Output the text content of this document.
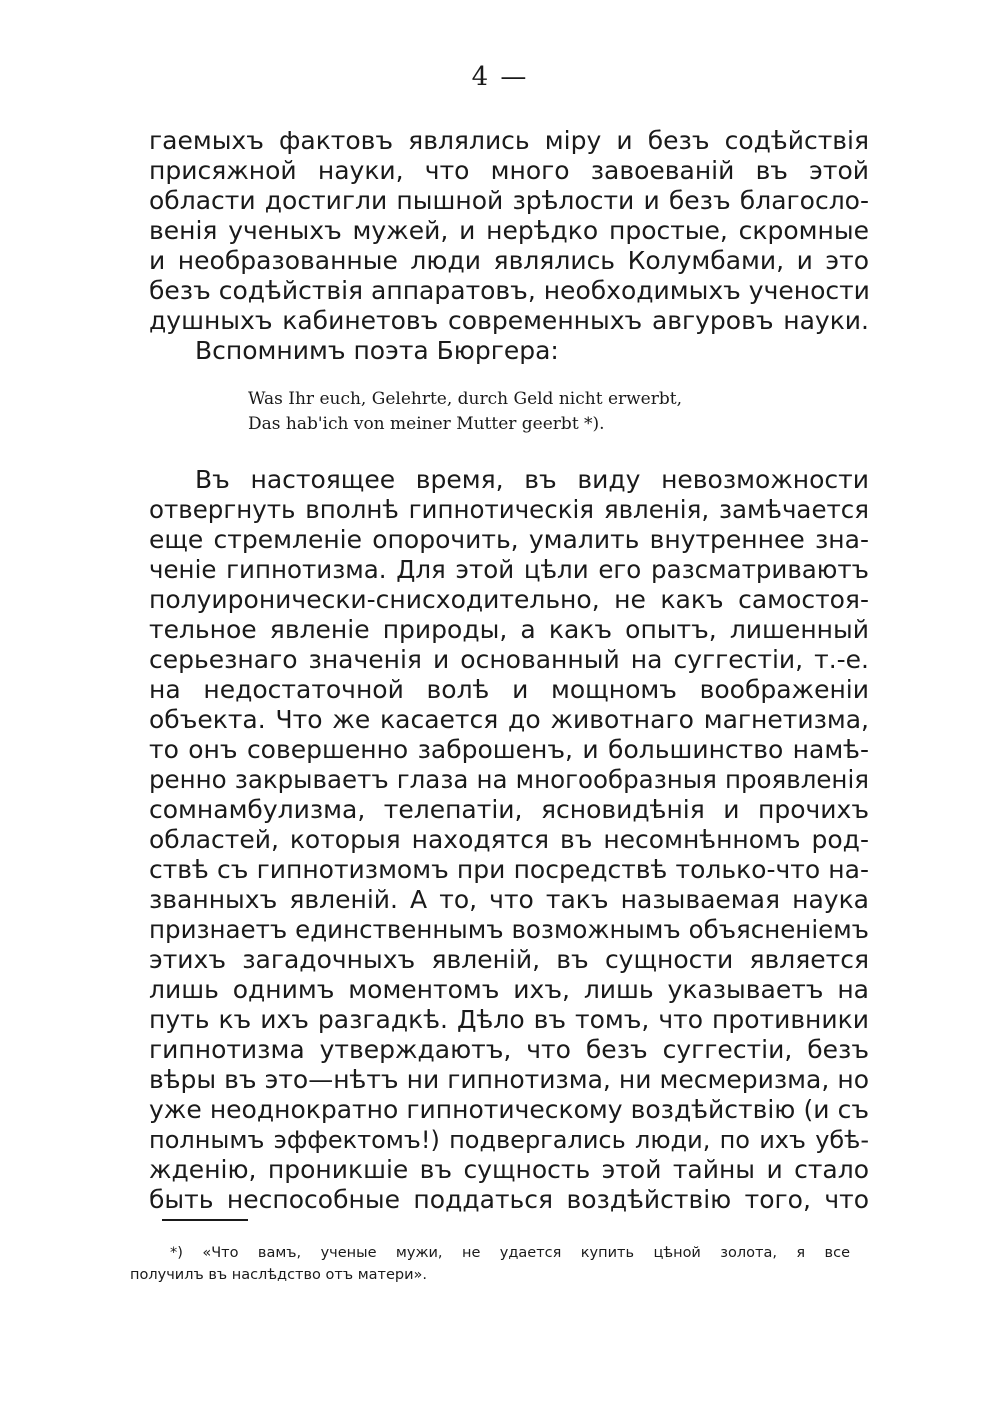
4 —
гаемыхъ фактовъ являлись міру и безъ содѣйствія
присяжной науки, что много завоеваній въ этой
области достигли пышной зрѣлости и безъ благосло-
венія ученыхъ мужей, и нерѣдко простые, скромные
и необразованные люди являлись Колумбами, и это
безъ содѣйствія аппаратовъ, необходимыхъ учености
душныхъ кабинетовъ современныхъ авгуровъ науки.
Вспомнимъ поэта Бюргера:
Was Ihr euch, Gelehrte, durch Geld nicht erwerbt,
Das hab'ich von meiner Mutter geerbt *).
Въ настоящее время, въ виду невозможности
отвергнуть вполнѣ гипнотическія явленія, замѣчается
еще стремленіе опорочить, умалить внутреннее зна-
ченіе гипнотизма. Для этой цѣли его разсматриваютъ
полуиронически-снисходительно, не какъ самостоя-
тельное явленіе природы, а какъ опытъ, лишенный
серьезнаго значенія и основанный на суггестіи, т.-е.
на недостаточной волѣ и мощномъ воображеніи
объекта. Что же касается до животнаго магнетизма,
то онъ совершенно заброшенъ, и большинство намѣ-
ренно закрываетъ глаза на многообразныя проявленія
сомнамбулизма, телепатіи, ясновидѣнія и прочихъ
областей, которыя находятся въ несомнѣнномъ род-
ствѣ съ гипнотизмомъ при посредствѣ только-что на-
званныхъ явленій. А то, что такъ называемая наука
признаетъ единственнымъ возможнымъ объясненіемъ
этихъ загадочныхъ явленій, въ сущности является
лишь однимъ моментомъ ихъ, лишь указываетъ на
путь къ ихъ разгадкѣ. Дѣло въ томъ, что противники
гипнотизма утверждаютъ, что безъ суггестіи, безъ
вѣры въ это—нѣтъ ни гипнотизма, ни месмеризма, но
уже неоднократно гипнотическому воздѣйствію (и съ
полнымъ эффектомъ!) подвергались люди, по ихъ убѣ-
жденію, проникшіе въ сущность этой тайны и стало
быть неспособные поддаться воздѣйствію того, что
*) «Что вамъ, ученые мужи, не удается купить цѣной золота, я все
получилъ въ наслѣдство отъ матери».
